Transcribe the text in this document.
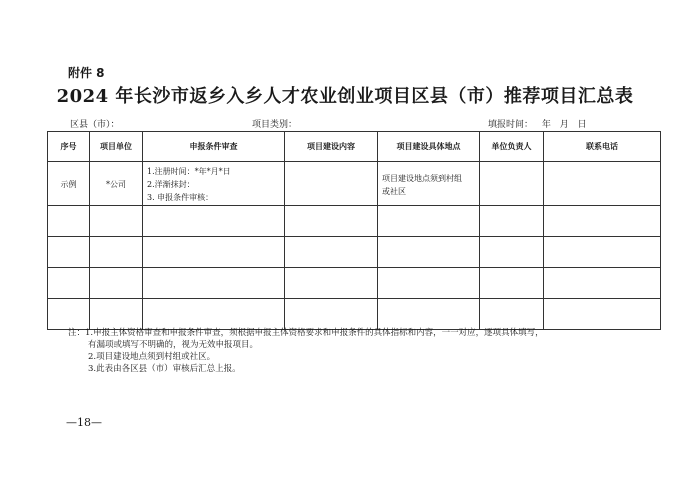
附件 8
2024 年长沙市返乡入乡人才农业创业项目区县（市）推荐项目汇总表
区县（市）：	项目类别：	填报时间： 年 月 日
序号	项目单位	申报条件审查	项目建设内容	项目建设具体地点	单位负责人	联系电话

示例	*公司	1.注册时间：*年*月*日
2.洋渐抹封：
3. 申报条件审核：		项目建设地点须到村组
或社区		

注：1.申报主体资格审查和申报条件审查，须根据申报主体资格要求和申报条件的具体指标和内容，一一对应，逐项具体填写，

有漏项或填写不明确的，视为无效申报项目。

2.项目建设地点须到村组或社区。

3.此表由各区县（市）审核后汇总上报。

—18—
